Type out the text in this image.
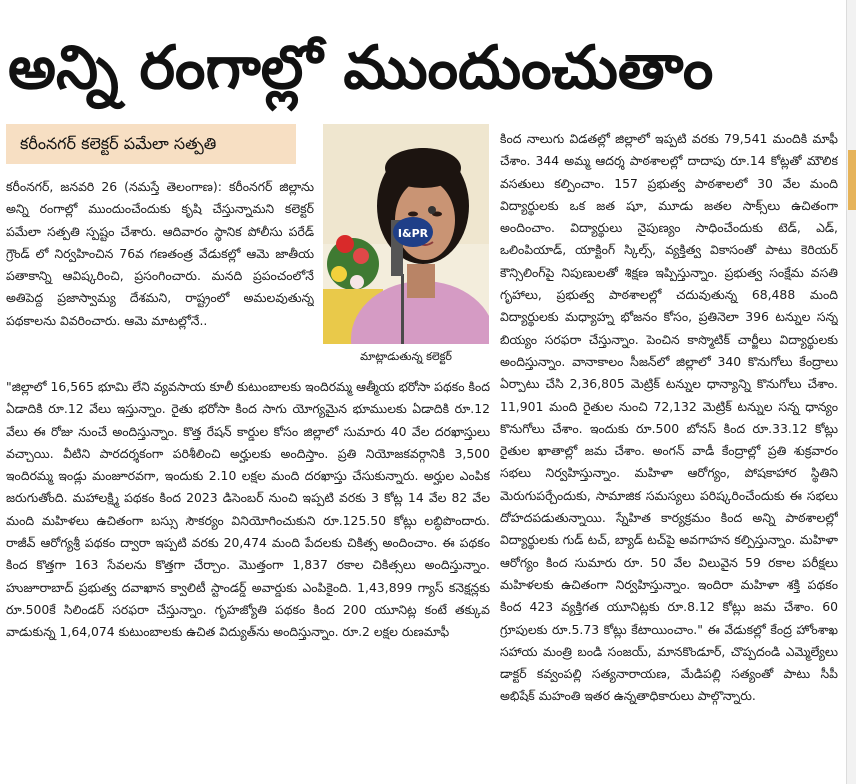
అన్ని రంగాల్లో ముందుంచుతాం
కరీంనగర్ కలెక్టర్ పమేలా సత్పతి
I&PR
మాట్లాడుతున్న కలెక్టర్

కరీంనగర్, జనవరి 26 (నమస్తే తెలంగాణ): కరీంనగర్ జిల్లాను అన్ని రంగాల్లో ముందుంచేందుకు కృషి చేస్తున్నామని కలెక్టర్ పమేలా సత్పతి స్పష్టం చేశారు. ఆదివారం స్థానిక పోలీసు పరేడ్ గ్రౌండ్ లో నిర్వహించిన 76వ గణతంత్ర వేడుకల్లో ఆమె జాతీయ పతాకాన్ని ఆవిష్కరించి, ప్రసంగించారు. మనది ప్రపంచంలోనే అతిపెద్ద ప్రజాస్వామ్య దేశమని, రాష్ట్రంలో అమలవుతున్న పథకాలను వివరించారు. ఆమె మాటల్లోనే..

"జిల్లాలో 16,565 భూమి లేని వ్యవసాయ కూలీ కుటుంబాలకు ఇందిరమ్మ ఆత్మీయ భరోసా పథకం కింద ఏడాదికి రూ.12 వేలు ఇస్తున్నాం. రైతు భరోసా కింద సాగు యోగ్యమైన భూములకు ఏడాదికి రూ.12 వేలు ఈ రోజు నుంచే అందిస్తున్నాం. కొత్త రేషన్ కార్డుల కోసం జిల్లాలో సుమారు 40 వేల దరఖాస్తులు వచ్చాయి. వీటిని పారదర్శకంగా పరిశీలించి అర్హులకు అందిస్తాం. ప్రతి నియోజకవర్గానికి 3,500 ఇందిరమ్మ ఇండ్లు మంజూరవగా, ఇందుకు 2.10 లక్షల మంది దరఖాస్తు చేసుకున్నారు. అర్హుల ఎంపిక జరుగుతోంది. మహాలక్ష్మి పథకం కింద 2023 డిసెంబర్ నుంచి ఇప్పటి వరకు 3 కోట్ల 14 వేల 82 వేల మంది మహిళలు ఉచితంగా బస్సు సౌకర్యం వినియోగించుకుని రూ.125.50 కోట్లు లబ్ధిపొందారు. రాజీవ్ ఆరోగ్యశ్రీ పథకం ద్వారా ఇప్పటి వరకు 20,474 మంది పేదలకు చికిత్స అందించాం. ఈ పథకం కింద కొత్తగా 163 సేవలను కొత్తగా చేర్చాం. మొత్తంగా 1,837 రకాల చికిత్సలు అందిస్తున్నాం. హుజూరాబాద్ ప్రభుత్వ దవాఖాన క్వాలిటీ స్టాండర్డ్ అవార్డుకు ఎంపికైంది. 1,43,899 గ్యాస్ కనెక్షన్లకు రూ.500కే సిలిండర్ సరఫరా చేస్తున్నాం. గృహజ్యోతి పథకం కింద 200 యూనిట్ల కంటే తక్కువ వాడుకున్న 1,64,074 కుటుంబాలకు ఉచిత విద్యుత్‌ను అందిస్తున్నాం. రూ.2 లక్షల రుణమాఫీ

కింద నాలుగు విడతల్లో జిల్లాలో ఇప్పటి వరకు 79,541 మందికి మాఫీ చేశాం. 344 అమ్మ ఆదర్శ పాఠశాలల్లో దాదాపు రూ.14 కోట్లతో మౌలిక వసతులు కల్పించాం. 157 ప్రభుత్వ పాఠశాలలో 30 వేల మంది విద్యార్థులకు ఒక జత షూ, మూడు జతల సాక్స్‌లు ఉచితంగా అందించాం. విద్యార్థులు నైపుణ్యం సాధించేందుకు టెడ్, ఎడ్, ఒలింపియాడ్, యాక్టింగ్ స్కిల్స్, వ్యక్తిత్వ వికాసంతో పాటు కెరియర్ కౌన్సిలింగ్‌పై నిపుణులతో శిక్షణ ఇప్పిస్తున్నాం. ప్రభుత్వ సంక్షేమ వసతి గృహాలు, ప్రభుత్వ పాఠశాలల్లో చదువుతున్న 68,488 మంది విద్యార్థులకు మధ్యాహ్న భోజనం కోసం, ప్రతినెలా 396 టన్నుల సన్న బియ్యం సరఫరా చేస్తున్నాం. పెంచిన కాస్మొటిక్ చార్జీలు విద్యార్థులకు అందిస్తున్నాం. వానాకాలం సీజన్‌లో జిల్లాలో 340 కొనుగోలు కేంద్రాలు ఏర్పాటు చేసి 2,36,805 మెట్రిక్ టన్నుల ధాన్యాన్ని కొనుగోలు చేశాం. 11,901 మంది రైతుల నుంచి 72,132 మెట్రిక్ టన్నుల సన్న ధాన్యం కొనుగోలు చేశాం. ఇందుకు రూ.500 బోనస్ కింద రూ.33.12 కోట్లు రైతుల ఖాతాల్లో జమ చేశాం. అంగన్ వాడీ కేంద్రాల్లో ప్రతి శుక్రవారం సభలు నిర్వహిస్తున్నాం. మహిళా ఆరోగ్యం, పోషకాహార స్థితిని మెరుగుపర్చేందుకు, సామాజిక సమస్యలు పరిష్కరించేందుకు ఈ సభలు దోహదపడుతున్నాయి. స్నేహిత కార్యక్రమం కింద అన్ని పాఠశాలల్లో విద్యార్థులకు గుడ్ టచ్, బ్యాడ్ టచ్‌పై అవగాహన కల్పిస్తున్నాం. మహిళా ఆరోగ్యం కింద సుమారు రూ. 50 వేల విలువైన 59 రకాల పరీక్షలు మహిళలకు ఉచితంగా నిర్వహిస్తున్నాం. ఇందిరా మహిళా శక్తి పథకం కింద 423 వ్యక్తిగత యూనిట్లకు రూ.8.12 కోట్లు జమ చేశాం. 60 గ్రూపులకు రూ.5.73 కోట్లు కేటాయించాం." ఈ వేడుకల్లో కేంద్ర హోంశాఖ సహాయ మంత్రి బండి సంజయ్, మానకొండూర్, చొప్పదండి ఎమ్మెల్యేలు డాక్టర్ కవ్వంపల్లి సత్యనారాయణ, మేడిపల్లి సత్యంతో పాటు సీపీ అభిషేక్ మహంతి ఇతర ఉన్నతాధికారులు పాల్గొన్నారు.
